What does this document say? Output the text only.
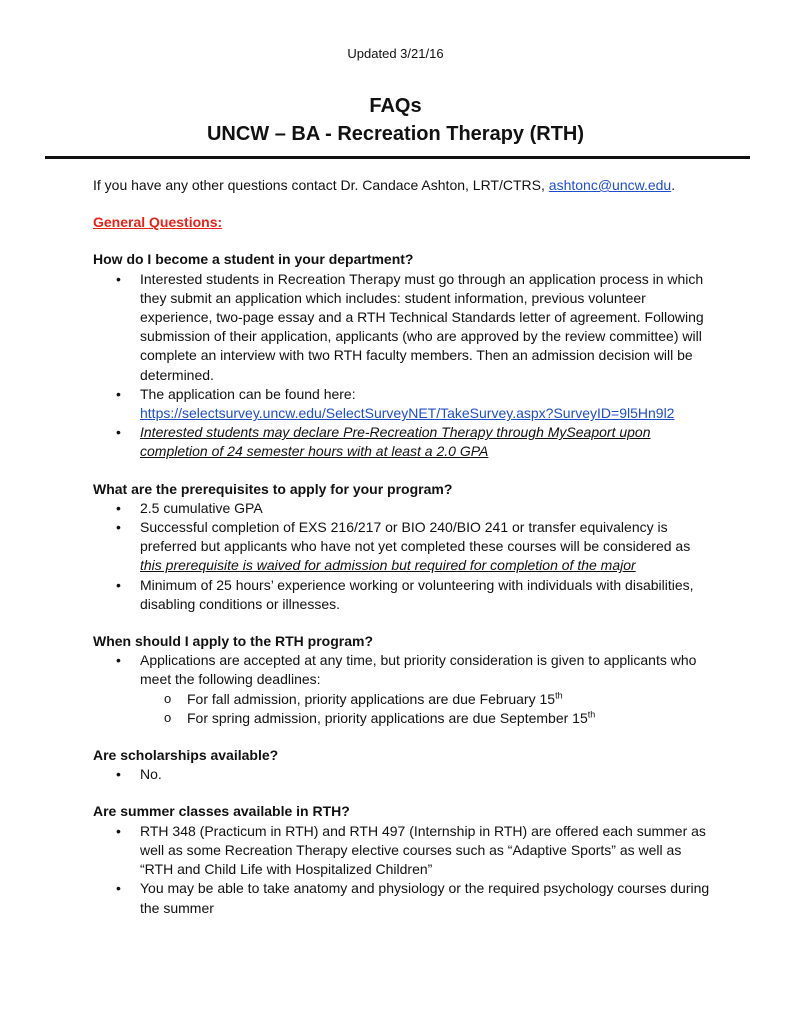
Updated 3/21/16
FAQs
UNCW – BA - Recreation Therapy (RTH)

If you have any other questions contact Dr. Candace Ashton, LRT/CTRS, ashtonc@uncw.edu.

General Questions:

How do I become a student in your department?

• Interested students in Recreation Therapy must go through an application process in which they submit an application which includes: student information, previous volunteer experience, two-page essay and a RTH Technical Standards letter of agreement. Following submission of their application, applicants (who are approved by the review committee) will complete an interview with two RTH faculty members. Then an admission decision will be determined.
• The application can be found here:
https://selectsurvey.uncw.edu/SelectSurveyNET/TakeSurvey.aspx?SurveyID=9l5Hn9l2
• Interested students may declare Pre-Recreation Therapy through MySeaport upon completion of 24 semester hours with at least a 2.0 GPA

What are the prerequisites to apply for your program?

• 2.5 cumulative GPA
• Successful completion of EXS 216/217 or BIO 240/BIO 241 or transfer equivalency is preferred but applicants who have not yet completed these courses will be considered as this prerequisite is waived for admission but required for completion of the major
• Minimum of 25 hours’ experience working or volunteering with individuals with disabilities, disabling conditions or illnesses.

When should I apply to the RTH program?

• Applications are accepted at any time, but priority consideration is given to applicants who meet the following deadlines:
o For fall admission, priority applications are due February 15th
o For spring admission, priority applications are due September 15th

Are scholarships available?

• No.

Are summer classes available in RTH?

• RTH 348 (Practicum in RTH) and RTH 497 (Internship in RTH) are offered each summer as well as some Recreation Therapy elective courses such as “Adaptive Sports” as well as “RTH and Child Life with Hospitalized Children”
• You may be able to take anatomy and physiology or the required psychology courses during the summer
